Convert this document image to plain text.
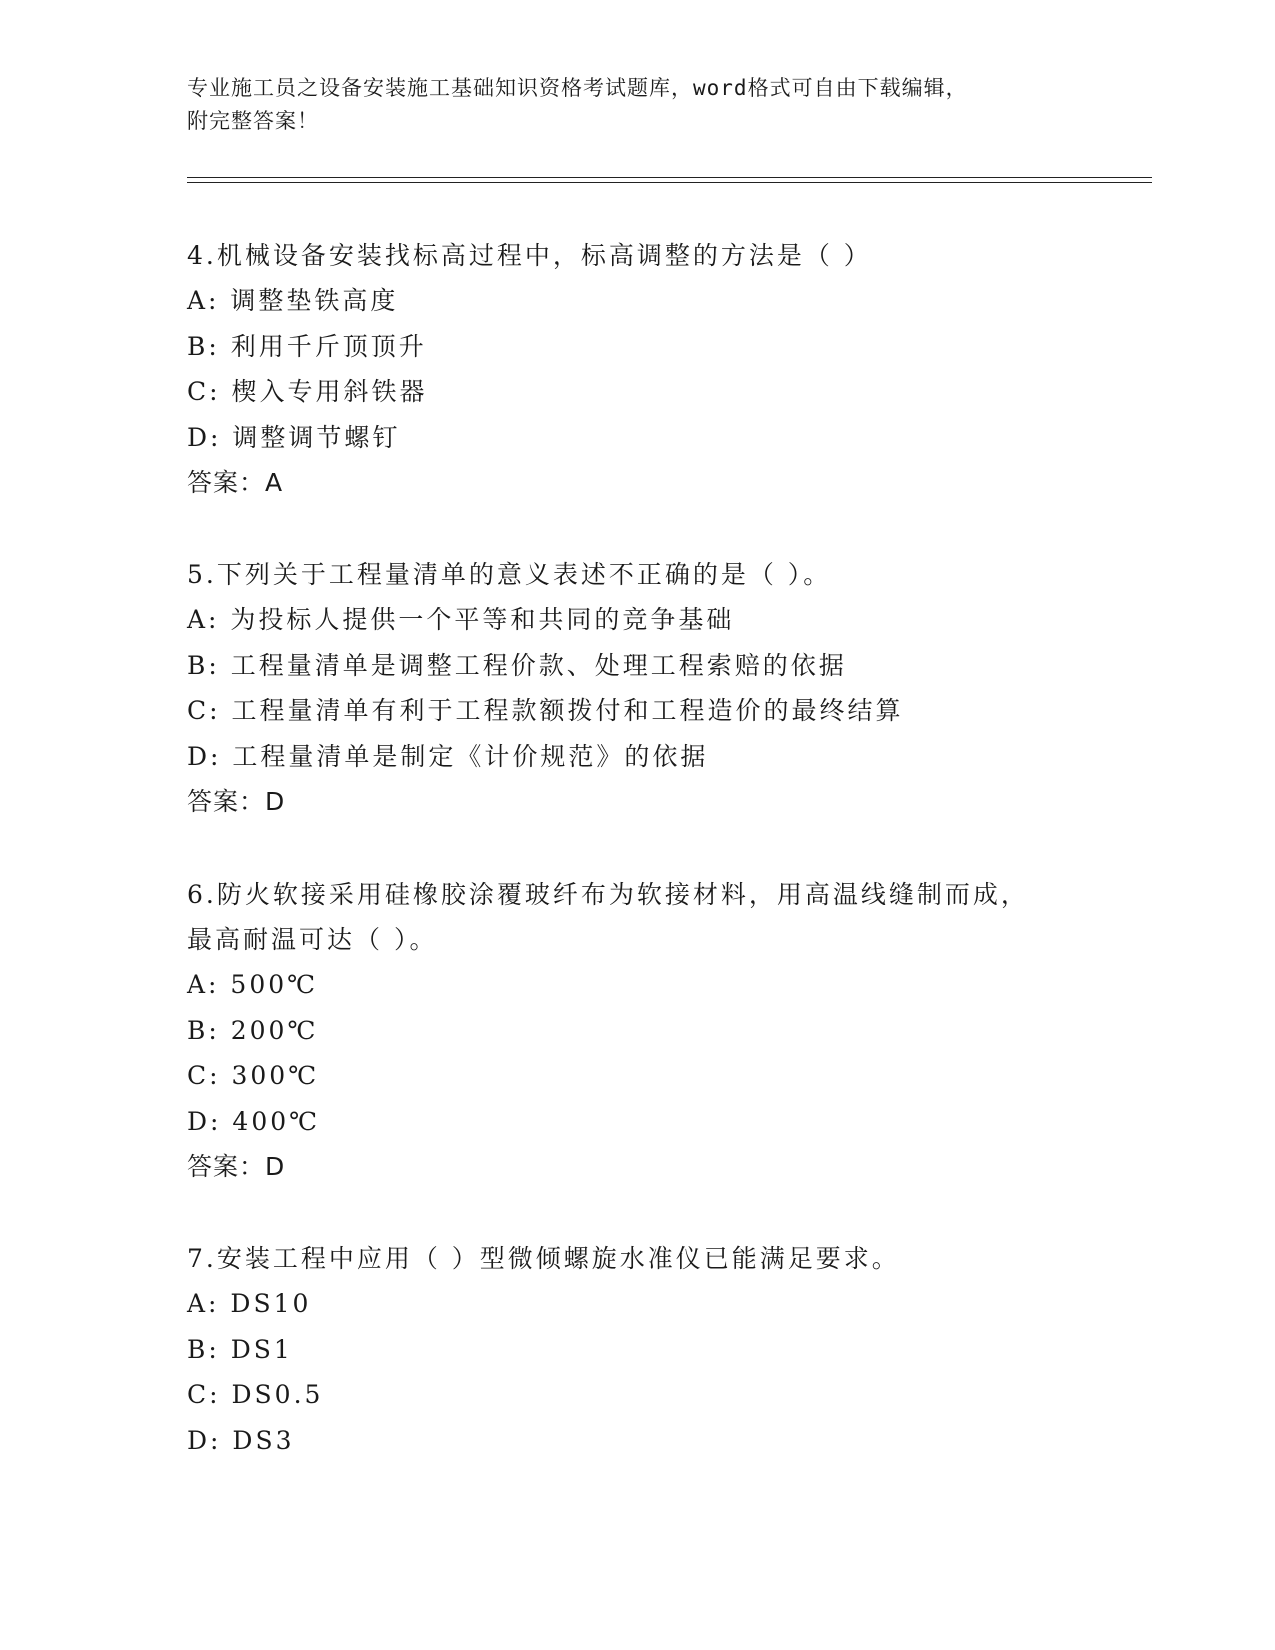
专业施工员之设备安装施工基础知识资格考试题库，word格式可自由下载编辑，
附完整答案！
4.机械设备安装找标高过程中，标高调整的方法是（ ）
A: 调整垫铁高度
B: 利用千斤顶顶升
C: 楔入专用斜铁器
D: 调整调节螺钉
答案：A
5.下列关于工程量清单的意义表述不正确的是（ ）。
A: 为投标人提供一个平等和共同的竞争基础
B: 工程量清单是调整工程价款、处理工程索赔的依据
C: 工程量清单有利于工程款额拨付和工程造价的最终结算
D: 工程量清单是制定《计价规范》的依据
答案：D
6.防火软接采用硅橡胶涂覆玻纤布为软接材料，用高温线缝制而成，
最高耐温可达（ ）。
A: 500℃
B: 200℃
C: 300℃
D: 400℃
答案：D
7.安装工程中应用（ ）型微倾螺旋水准仪已能满足要求。
A: DS10
B: DS1
C: DS0.5
D: DS3
